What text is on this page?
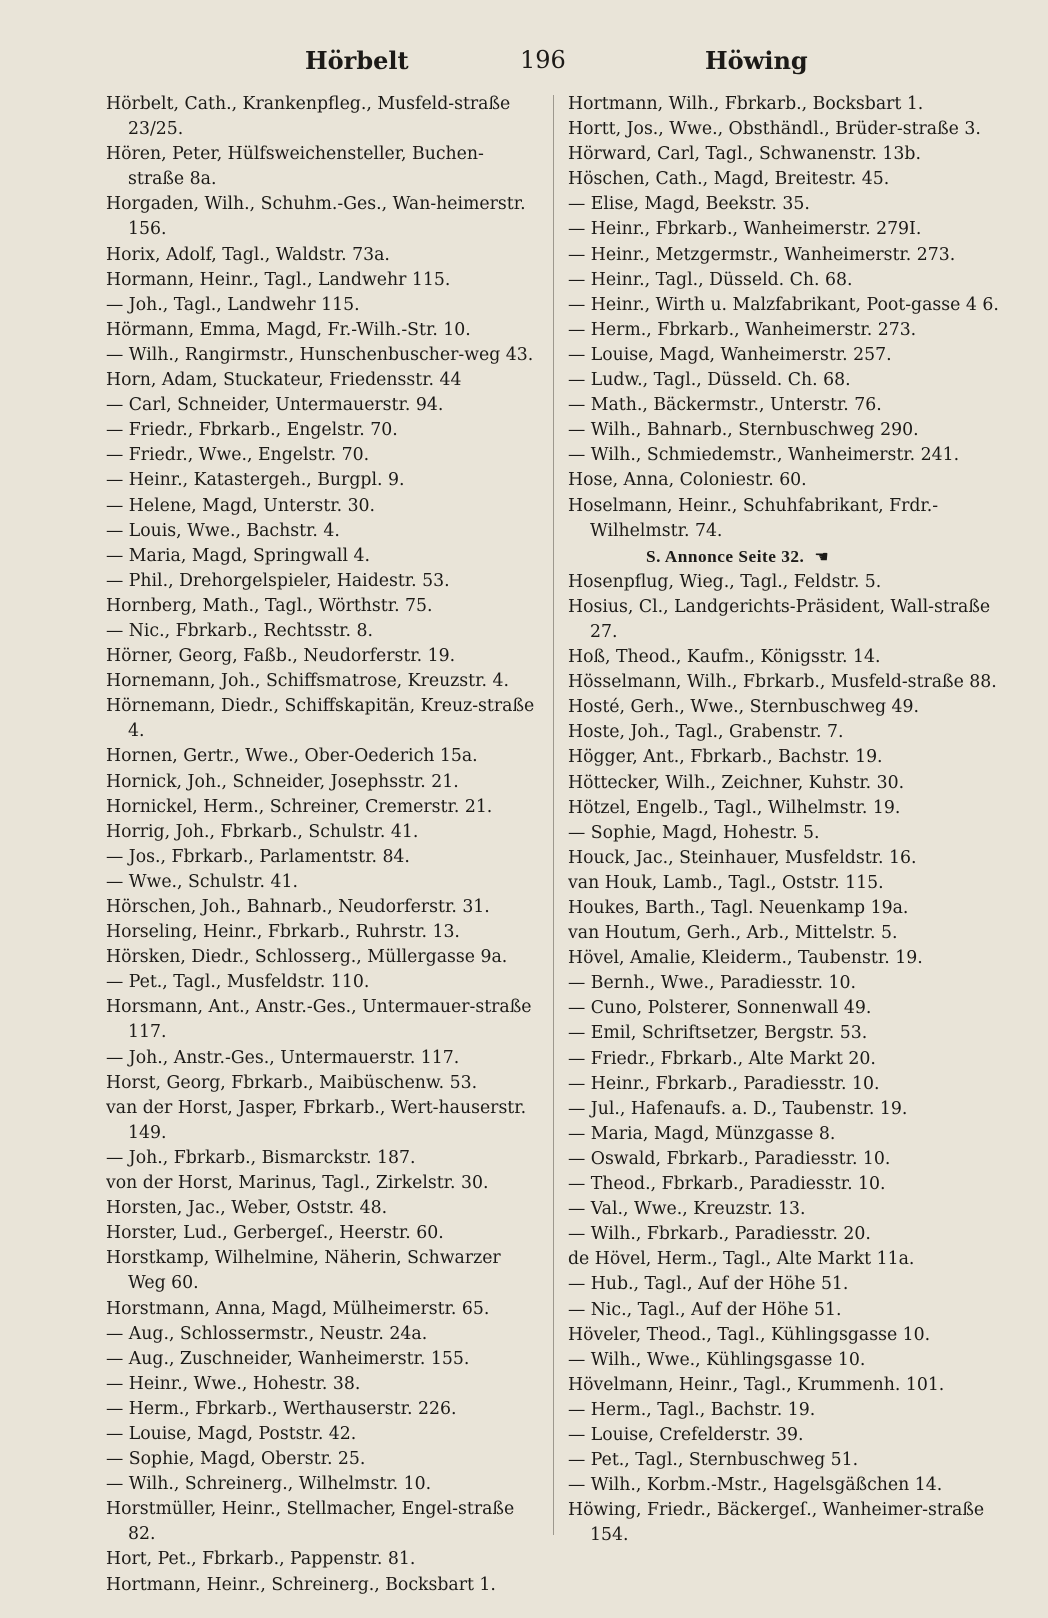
Hörbelt	196	Höwing
Hörbelt, Cath., Krankenpfleg., Musfeld-straße 23/25.
Hören, Peter, Hülfsweichensteller, Buchen-straße 8a.
Horgaden, Wilh., Schuhm.-Ges., Wan-heimerstr. 156.
Horix, Adolf, Tagl., Waldstr. 73a.
Hormann, Heinr., Tagl., Landwehr 115.
— Joh., Tagl., Landwehr 115.
Hörmann, Emma, Magd, Fr.-Wilh.-Str. 10.
— Wilh., Rangirmstr., Hunschenbuscher-weg 43.
Horn, Adam, Stuckateur, Friedensstr. 44
— Carl, Schneider, Untermauerstr. 94.
— Friedr., Fbrkarb., Engelstr. 70.
— Friedr., Wwe., Engelstr. 70.
— Heinr., Katastergeh., Burgpl. 9.
— Helene, Magd, Unterstr. 30.
— Louis, Wwe., Bachstr. 4.
— Maria, Magd, Springwall 4.
— Phil., Drehorgelspieler, Haidestr. 53.
Hornberg, Math., Tagl., Wörthstr. 75.
— Nic., Fbrkarb., Rechtsstr. 8.
Hörner, Georg, Faßb., Neudorferstr. 19.
Hornemann, Joh., Schiffsmatrose, Kreuzstr. 4.
Hörnemann, Diedr., Schiffskapitän, Kreuz-straße 4.
Hornen, Gertr., Wwe., Ober-Oederich 15a.
Hornick, Joh., Schneider, Josephsstr. 21.
Hornickel, Herm., Schreiner, Cremerstr. 21.
Horrig, Joh., Fbrkarb., Schulstr. 41.
— Jos., Fbrkarb., Parlamentstr. 84.
— Wwe., Schulstr. 41.
Hörschen, Joh., Bahnarb., Neudorferstr. 31.
Horseling, Heinr., Fbrkarb., Ruhrstr. 13.
Hörsken, Diedr., Schlosserg., Müllergasse 9a.
— Pet., Tagl., Musfeldstr. 110.
Horsmann, Ant., Anstr.-Ges., Untermauer-straße 117.
— Joh., Anstr.-Ges., Untermauerstr. 117.
Horst, Georg, Fbrkarb., Maibüschenw. 53.
van der Horst, Jasper, Fbrkarb., Wert-hauserstr. 149.
— Joh., Fbrkarb., Bismarckstr. 187.
von der Horst, Marinus, Tagl., Zirkelstr. 30.
Horsten, Jac., Weber, Oststr. 48.
Horster, Lud., Gerbergeſ., Heerstr. 60.
Horstkamp, Wilhelmine, Näherin, Schwarzer Weg 60.
Horstmann, Anna, Magd, Mülheimerstr. 65.
— Aug., Schlossermstr., Neustr. 24a.
— Aug., Zuschneider, Wanheimerstr. 155.
— Heinr., Wwe., Hohestr. 38.
— Herm., Fbrkarb., Werthauserstr. 226.
— Louise, Magd, Poststr. 42.
— Sophie, Magd, Oberstr. 25.
— Wilh., Schreinerg., Wilhelmstr. 10.
Horstmüller, Heinr., Stellmacher, Engel-straße 82.
Hort, Pet., Fbrkarb., Pappenstr. 81.
Hortmann, Heinr., Schreinerg., Bocksbart 1.
Hortmann, Wilh., Fbrkarb., Bocksbart 1.
Hortt, Jos., Wwe., Obsthändl., Brüder-straße 3.
Hörward, Carl, Tagl., Schwanenstr. 13b.
Höschen, Cath., Magd, Breitestr. 45.
— Elise, Magd, Beekstr. 35.
— Heinr., Fbrkarb., Wanheimerstr. 279I.
— Heinr., Metzgermstr., Wanheimerstr. 273.
— Heinr., Tagl., Düsseld. Ch. 68.
— Heinr., Wirth u. Malzfabrikant, Poot-gasse 4 6.
— Herm., Fbrkarb., Wanheimerstr. 273.
— Louise, Magd, Wanheimerstr. 257.
— Ludw., Tagl., Düsseld. Ch. 68.
— Math., Bäckermstr., Unterstr. 76.
— Wilh., Bahnarb., Sternbuschweg 290.
— Wilh., Schmiedemstr., Wanheimerstr. 241.
Hose, Anna, Coloniestr. 60.
Hoselmann, Heinr., Schuhfabrikant, Frdr.-Wilhelmstr. 74.
S. Annonce Seite 32. ☚
Hosenpflug, Wieg., Tagl., Feldstr. 5.
Hosius, Cl., Landgerichts-Präsident, Wall-straße 27.
Hoß, Theod., Kaufm., Königsstr. 14.
Hösselmann, Wilh., Fbrkarb., Musfeld-straße 88.
Hosté, Gerh., Wwe., Sternbuschweg 49.
Hoste, Joh., Tagl., Grabenstr. 7.
Högger, Ant., Fbrkarb., Bachstr. 19.
Höttecker, Wilh., Zeichner, Kuhstr. 30.
Hötzel, Engelb., Tagl., Wilhelmstr. 19.
— Sophie, Magd, Hohestr. 5.
Houck, Jac., Steinhauer, Musfeldstr. 16.
van Houk, Lamb., Tagl., Oststr. 115.
Houkes, Barth., Tagl. Neuenkamp 19a.
van Houtum, Gerh., Arb., Mittelstr. 5.
Hövel, Amalie, Kleiderm., Taubenstr. 19.
— Bernh., Wwe., Paradiesstr. 10.
— Cuno, Polsterer, Sonnenwall 49.
— Emil, Schriftsetzer, Bergstr. 53.
— Friedr., Fbrkarb., Alte Markt 20.
— Heinr., Fbrkarb., Paradiesstr. 10.
— Jul., Hafenaufs. a. D., Taubenstr. 19.
— Maria, Magd, Münzgasse 8.
— Oswald, Fbrkarb., Paradiesstr. 10.
— Theod., Fbrkarb., Paradiesstr. 10.
— Val., Wwe., Kreuzstr. 13.
— Wilh., Fbrkarb., Paradiesstr. 20.
de Hövel, Herm., Tagl., Alte Markt 11a.
— Hub., Tagl., Auf der Höhe 51.
— Nic., Tagl., Auf der Höhe 51.
Höveler, Theod., Tagl., Kühlingsgasse 10.
— Wilh., Wwe., Kühlingsgasse 10.
Hövelmann, Heinr., Tagl., Krummenh. 101.
— Herm., Tagl., Bachstr. 19.
— Louise, Crefelderstr. 39.
— Pet., Tagl., Sternbuschweg 51.
— Wilh., Korbm.-Mstr., Hagelsgäßchen 14.
Höwing, Friedr., Bäckergeſ., Wanheimer-straße 154.
